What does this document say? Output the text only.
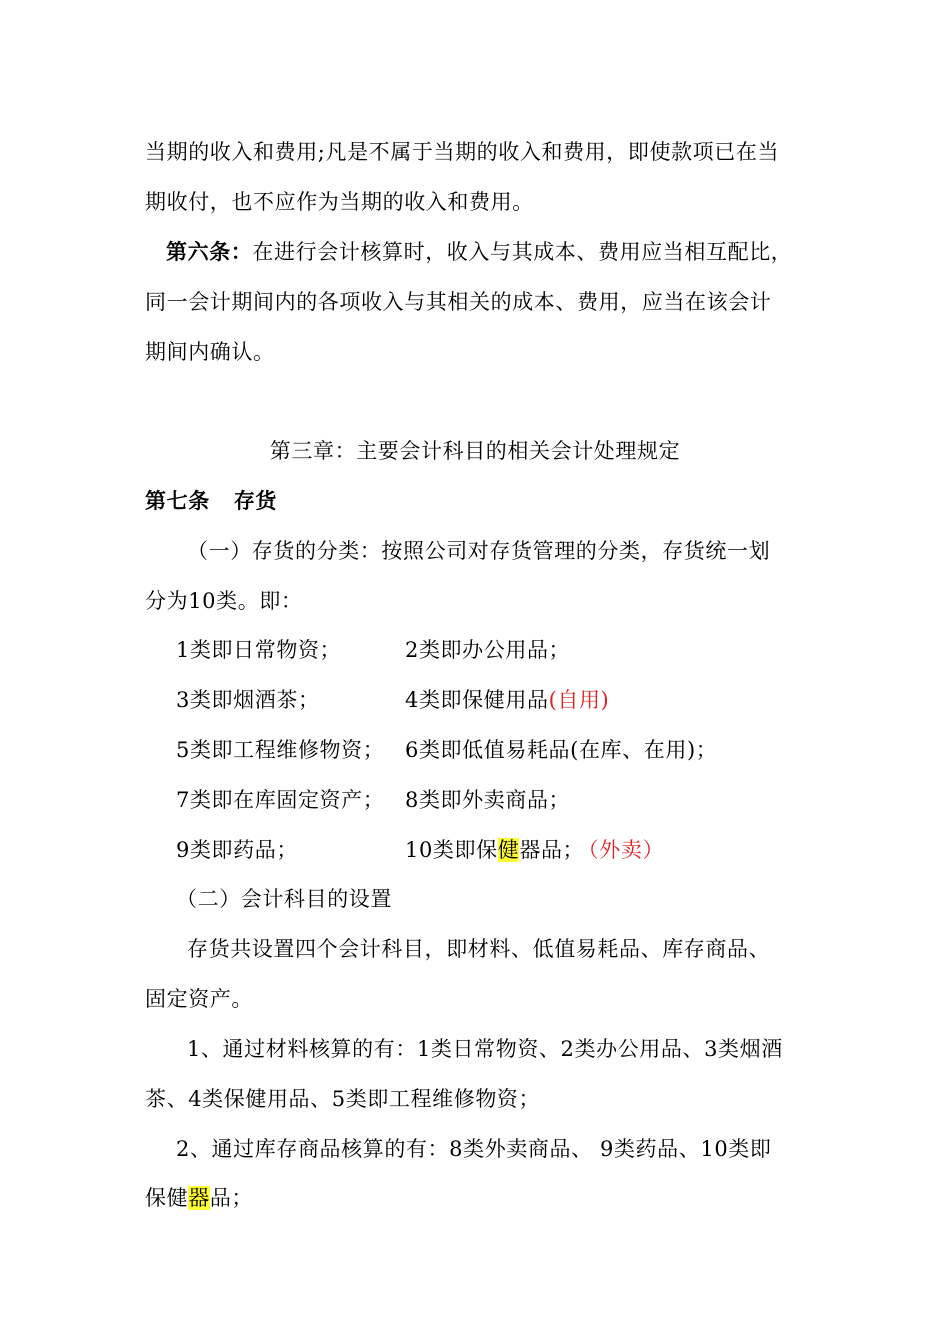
当期的收入和费用;凡是不属于当期的收入和费用，即使款项已在当

期收付，也不应作为当期的收入和费用。

第六条：在进行会计核算时，收入与其成本、费用应当相互配比，

同一会计期间内的各项收入与其相关的成本、费用，应当在该会计

期间内确认。

第三章：主要会计科目的相关会计处理规定

第七条 存货

（一）存货的分类：按照公司对存货管理的分类，存货统一划

分为10类。即：

1类即日常物资；	2类即办公用品；

3类即烟酒茶；	4类即保健用品(自用)

5类即工程维修物资； 6类即低值易耗品(在库、在用)；

7类即在库固定资产； 8类即外卖商品；

9类即药品；	10类即保健器品； （外卖）

（二）会计科目的设置

存货共设置四个会计科目，即材料、低值易耗品、库存商品、

固定资产。

1、通过材料核算的有：1类日常物资、2类办公用品、3类烟酒

茶、4类保健用品、5类即工程维修物资；

2、通过库存商品核算的有：8类外卖商品、 9类药品、10类即

保健器品；
